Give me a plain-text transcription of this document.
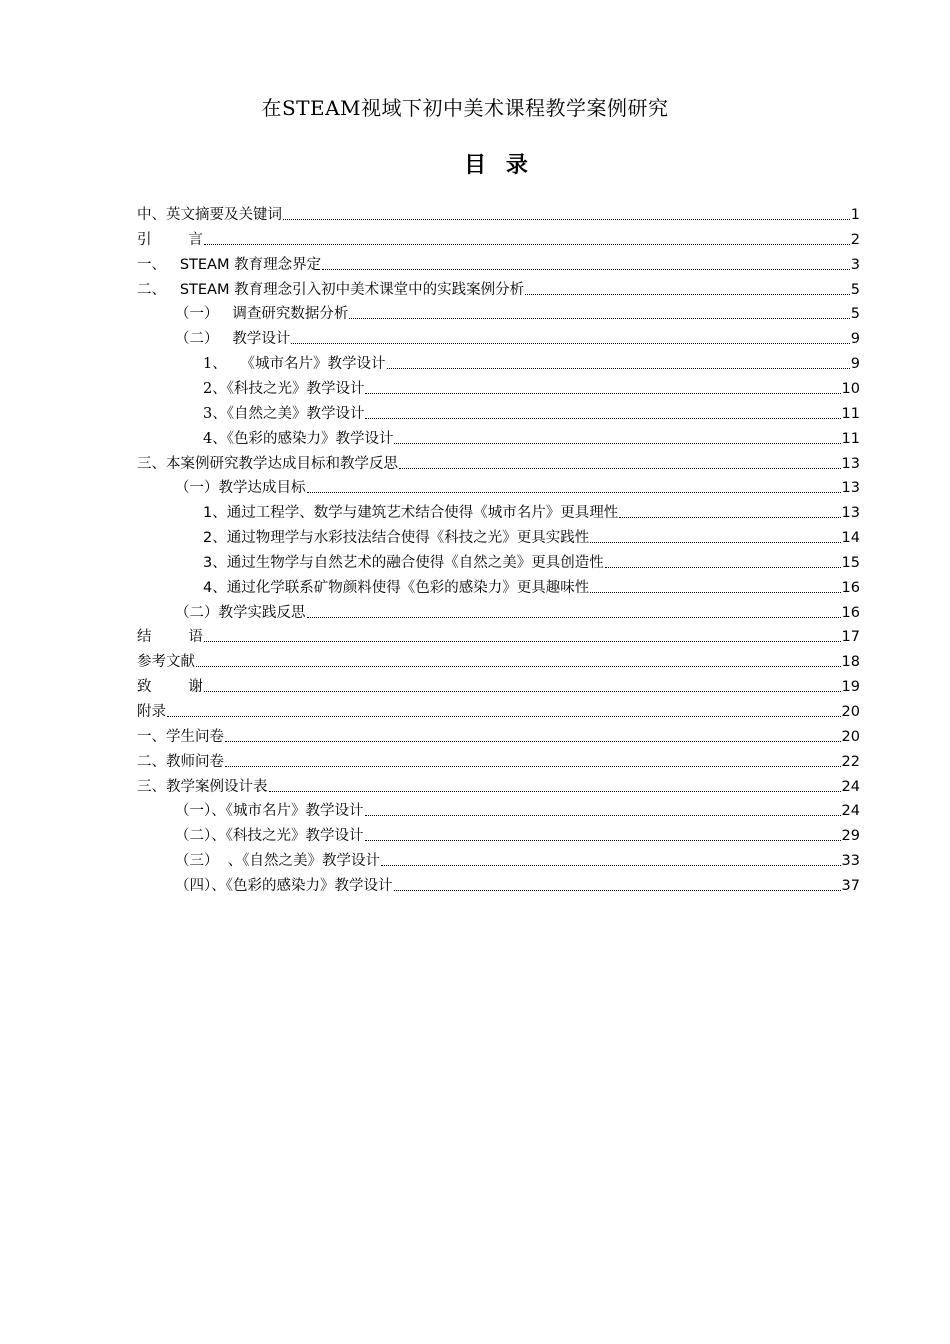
在STEAM视域下初中美术课程教学案例研究
目 录
中、英文摘要及关键词	1
引        言	2
一、   STEAM 教育理念界定	3
二、   STEAM 教育理念引入初中美术课堂中的实践案例分析	5
（一）   调查研究数据分析	5
（二）   教学设计	9
1、   《城市名片》教学设计	9
2、《科技之光》教学设计	10
3、《自然之美》教学设计	11
4、《色彩的感染力》教学设计	11
三、本案例研究教学达成目标和教学反思	13
（一）教学达成目标	13
1、通过工程学、数学与建筑艺术结合使得《城市名片》更具理性	13
2、通过物理学与水彩技法结合使得《科技之光》更具实践性	14
3、通过生物学与自然艺术的融合使得《自然之美》更具创造性	15
4、通过化学联系矿物颜料使得《色彩的感染力》更具趣味性	16
（二）教学实践反思	16
结        语	17
参考文献	18
致        谢	19
附录	20
一、学生问卷	20
二、教师问卷	22
三、教学案例设计表	24
（一）、《城市名片》教学设计	24
（二）、《科技之光》教学设计	29
（三）  、《自然之美》教学设计	33
（四）、《色彩的感染力》教学设计	37
